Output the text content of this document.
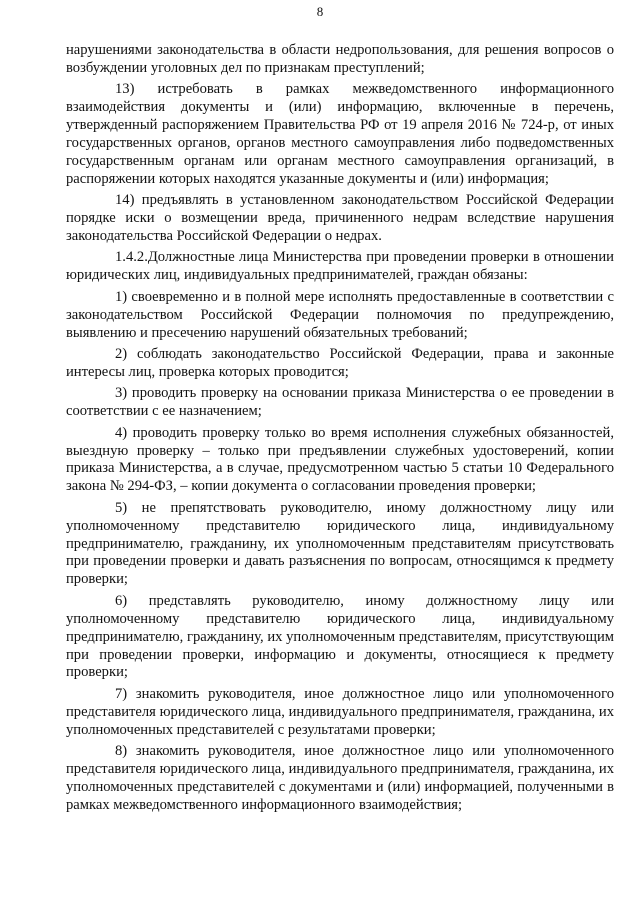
8

нарушениями законодательства в области недропользования, для решения вопросов о возбуждении уголовных дел по признакам преступлений;

13) истребовать в рамках межведомственного информационного взаимодействия документы и (или) информацию, включенные в перечень, утвержденный распоряжением Правительства РФ от 19 апреля 2016 № 724-р, от иных государственных органов, органов местного самоуправления либо подведомственных государственным органам или органам местного самоуправления организаций, в распоряжении которых находятся указанные документы и (или) информация;

14) предъявлять в установленном законодательством Российской Федерации порядке иски о возмещении вреда, причиненного недрам вследствие нарушения законодательства Российской Федерации о недрах.

1.4.2.Должностные лица Министерства при проведении проверки в отношении юридических лиц, индивидуальных предпринимателей, граждан обязаны:

1) своевременно и в полной мере исполнять предоставленные в соответствии с законодательством Российской Федерации полномочия по предупреждению, выявлению и пресечению нарушений обязательных требований;

2) соблюдать законодательство Российской Федерации, права и законные интересы лиц, проверка которых проводится;

3) проводить проверку на основании приказа Министерства о ее проведении в соответствии с ее назначением;

4) проводить проверку только во время исполнения служебных обязанностей, выездную проверку – только при предъявлении служебных удостоверений, копии приказа Министерства, а в случае, предусмотренном частью 5 статьи 10 Федерального закона № 294-ФЗ, – копии документа о согласовании проведения проверки;

5) не препятствовать руководителю, иному должностному лицу или уполномоченному представителю юридического лица, индивидуальному предпринимателю, гражданину, их уполномоченным представителям присутствовать при проведении проверки и давать разъяснения по вопросам, относящимся к предмету проверки;

6) представлять руководителю, иному должностному лицу или уполномоченному представителю юридического лица, индивидуальному предпринимателю, гражданину, их уполномоченным представителям, присутствующим при проведении проверки, информацию и документы, относящиеся к предмету проверки;

7) знакомить руководителя, иное должностное лицо или уполномоченного представителя юридического лица, индивидуального предпринимателя, гражданина, их уполномоченных представителей с результатами проверки;

8) знакомить руководителя, иное должностное лицо или уполномоченного представителя юридического лица, индивидуального предпринимателя, гражданина, их уполномоченных представителей с документами и (или) информацией, полученными в рамках межведомственного информационного взаимодействия;
